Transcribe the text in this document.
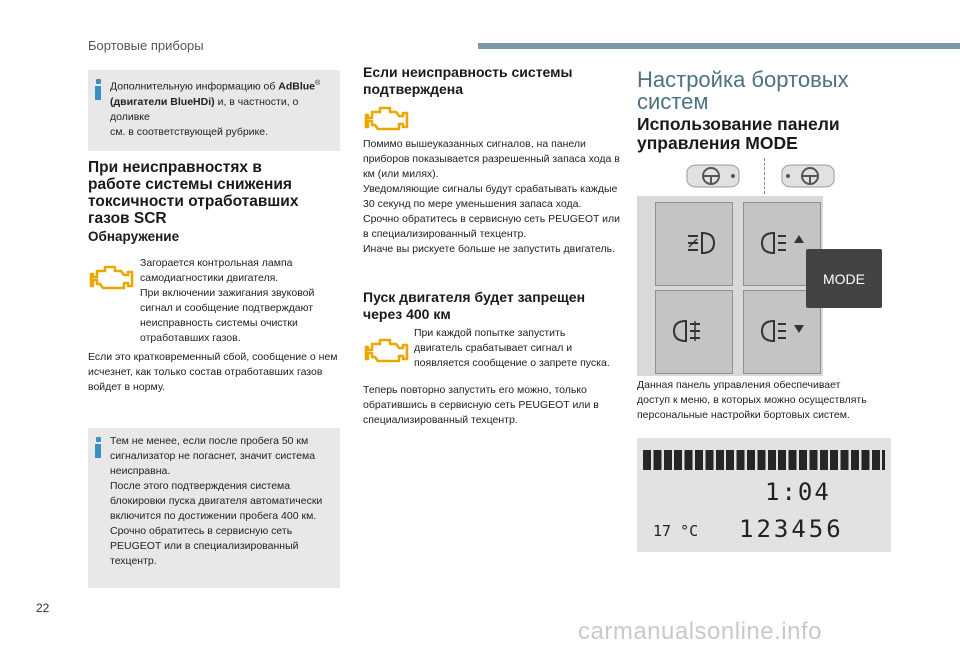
Бортовые приборы
Дополнительную информацию об AdBlue®
(двигатели BlueHDi) и, в частности, о доливке
см. в соответствующей рубрике.
При неисправностях в
работе системы снижения
токсичности отработавших
газов SCR
Обнаружение
Загорается контрольная лампа
самодиагностики двигателя.
При включении зажигания звуковой
сигнал и сообщение подтверждают
неисправность системы очистки
отработавших газов.
Если это кратковременный сбой, сообщение о нем
исчезнет, как только состав отработавших газов
войдет в норму.
Тем не менее, если после пробега 50 км
сигнализатор не погаснет, значит система
неисправна.
После этого подтверждения система
блокировки пуска двигателя автоматически
включится по достижении пробега 400 км.
Срочно обратитесь в сервисную сеть
PEUGEOT или в специализированный
техцентр.
Если неисправность системы
подтверждена
Помимо вышеуказанных сигналов, на панели
приборов показывается разрешенный запаса хода в
км (или милях).
Уведомляющие сигналы будут срабатывать каждые
30 секунд по мере уменьшения запаса хода.
Срочно обратитесь в сервисную сеть PEUGEOT или
в специализированный техцентр.
Иначе вы рискуете больше не запустить двигатель.
Пуск двигателя будет запрещен
через 400 км
При каждой попытке запустить
двигатель срабатывает сигнал и
появляется сообщение о запрете пуска.
Теперь повторно запустить его можно, только
обратившись в сервисную сеть PEUGEOT или в
специализированный техцентр.
Настройка бортовых
систем
Использование панели
управления MODE
MODE
Данная панель управления обеспечивает
доступ к меню, в которых можно осуществлять
персональные настройки бортовых систем.
1:04
17 °C 123456
22
carmanualsonline.info
